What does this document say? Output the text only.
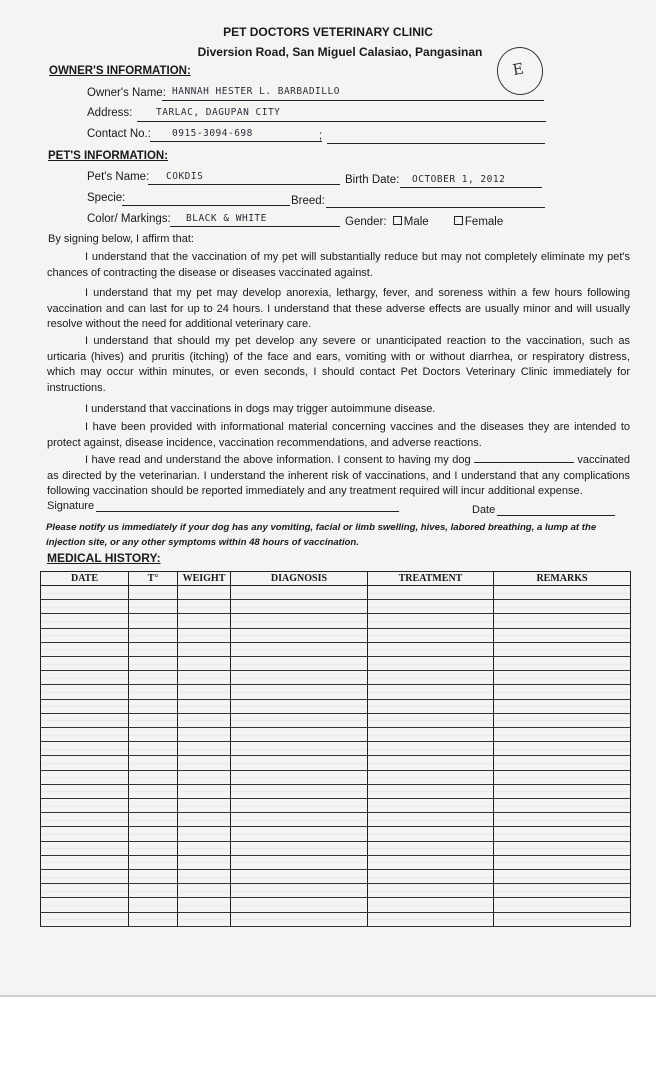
PET DOCTORS VETERINARY CLINIC
Diversion Road, San Miguel Calasiao, Pangasinan
E
OWNER'S INFORMATION:
Owner's Name: HANNAH HESTER L. BARBADILLO
Address: TARLAC, DAGUPAN CITY
Contact No.:	;
0915-3094-698
PET'S INFORMATION:
Pet's Name: COKDIS	Birth Date: OCTOBER 1, 2012
Specie:	Breed:
Color/ Markings: BLACK & WHITE	Gender: Male	Female
By signing below, I affirm that:
I understand that the vaccination of my pet will substantially reduce but may not completely eliminate my pet's chances of contracting the disease or diseases vaccinated against.
I understand that my pet may develop anorexia, lethargy, fever, and soreness within a few hours following vaccination and can last for up to 24 hours. I understand that these adverse effects are usually minor and will usually resolve without the need for additional veterinary care.
I understand that should my pet develop any severe or unanticipated reaction to the vaccination, such as urticaria (hives) and pruritis (itching) of the face and ears, vomiting with or without diarrhea, or respiratory distress, which may occur within minutes, or even seconds, I should contact Pet Doctors Veterinary Clinic immediately for instructions.
I understand that vaccinations in dogs may trigger autoimmune disease.
I have been provided with informational material concerning vaccines and the diseases they are intended to protect against, disease incidence, vaccination recommendations, and adverse reactions.
I have read and understand the above information. I consent to having my dog	vaccinated as directed by the veterinarian. I understand the inherent risk of vaccinations, and I understand that any complications following vaccination should be reported immediately and any treatment required will incur additional expense.
Signature	Date
Please notify us immediately if your dog has any vomiting, facial or limb swelling, hives, labored breathing, a lump at the injection site, or any other symptoms within 48 hours of vaccination.
MEDICAL HISTORY:
DATE	T°	WEIGHT	DIAGNOSIS	TREATMENT	REMARKS
